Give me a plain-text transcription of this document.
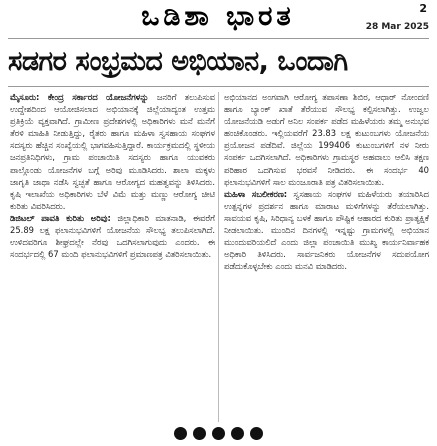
ಒಡಿಶಾ ಭಾರತ	2
28 Mar 2025
ಸಡಗರ ಸಂಭ್ರಮದ ಅಭಿಯಾನ, ಒಂದಾಗಿ

ಮೈಸೂರು: ಕೇಂದ್ರ ಸರ್ಕಾರದ ಯೋಜನೆಗಳನ್ನು ಜನರಿಗೆ ತಲುಪಿಸುವ ಉದ್ದೇಶದಿಂದ ಆಯೋಜಿಸಲಾದ ಅಭಿಯಾನಕ್ಕೆ ಜಿಲ್ಲೆಯಾದ್ಯಂತ ಉತ್ತಮ ಪ್ರತಿಕ್ರಿಯೆ ವ್ಯಕ್ತವಾಗಿದೆ. ಗ್ರಾಮೀಣ ಪ್ರದೇಶಗಳಲ್ಲಿ ಅಧಿಕಾರಿಗಳು ಮನೆ ಮನೆಗೆ ತೆರಳಿ ಮಾಹಿತಿ ನೀಡುತ್ತಿದ್ದು, ರೈತರು ಹಾಗೂ ಮಹಿಳಾ ಸ್ವಸಹಾಯ ಸಂಘಗಳ ಸದಸ್ಯರು ಹೆಚ್ಚಿನ ಸಂಖ್ಯೆಯಲ್ಲಿ ಭಾಗವಹಿಸುತ್ತಿದ್ದಾರೆ. ಕಾರ್ಯಕ್ರಮದಲ್ಲಿ ಸ್ಥಳೀಯ ಜನಪ್ರತಿನಿಧಿಗಳು, ಗ್ರಾಮ ಪಂಚಾಯಿತಿ ಸದಸ್ಯರು ಹಾಗೂ ಯುವಕರು ಪಾಲ್ಗೊಂಡು ಯೋಜನೆಗಳ ಬಗ್ಗೆ ಅರಿವು ಮೂಡಿಸಿದರು. ಶಾಲಾ ಮಕ್ಕಳು ಜಾಗೃತಿ ಜಾಥಾ ನಡೆಸಿ ಸ್ವಚ್ಛತೆ ಹಾಗೂ ಆರೋಗ್ಯದ ಮಹತ್ವವನ್ನು ತಿಳಿಸಿದರು. ಕೃಷಿ ಇಲಾಖೆಯ ಅಧಿಕಾರಿಗಳು ಬೆಳೆ ವಿಮೆ ಮತ್ತು ಮಣ್ಣು ಆರೋಗ್ಯ ಚೀಟಿ ಕುರಿತು ವಿವರಿಸಿದರು.

ಡಿಜಿಟಲ್ ಪಾವತಿ ಕುರಿತು ಅರಿವು: ಜಿಲ್ಲಾಧಿಕಾರಿ ಮಾತನಾಡಿ, ಈವರೆಗೆ 25.89 ಲಕ್ಷ ಫಲಾನುಭವಿಗಳಿಗೆ ಯೋಜನೆಯ ಸೌಲಭ್ಯ ತಲುಪಿಸಲಾಗಿದೆ. ಉಳಿದವರಿಗೂ ಶೀಘ್ರದಲ್ಲೇ ನೆರವು ಒದಗಿಸಲಾಗುವುದು ಎಂದರು. ಈ ಸಂದರ್ಭದಲ್ಲಿ 67 ಮಂದಿ ಫಲಾನುಭವಿಗಳಿಗೆ ಪ್ರಮಾಣಪತ್ರ ವಿತರಿಸಲಾಯಿತು.

ಅಭಿಯಾನದ ಅಂಗವಾಗಿ ಆರೋಗ್ಯ ತಪಾಸಣಾ ಶಿಬಿರ, ಆಧಾರ್ ನೋಂದಣಿ ಹಾಗೂ ಬ್ಯಾಂಕ್ ಖಾತೆ ತೆರೆಯುವ ಸೌಲಭ್ಯ ಕಲ್ಪಿಸಲಾಗಿತ್ತು. ಉಜ್ವಲ ಯೋಜನೆಯಡಿ ಅಡುಗೆ ಅನಿಲ ಸಂಪರ್ಕ ಪಡೆದ ಮಹಿಳೆಯರು ತಮ್ಮ ಅನುಭವ ಹಂಚಿಕೊಂಡರು. ಇಲ್ಲಿಯವರೆಗೆ 23.83 ಲಕ್ಷ ಕುಟುಂಬಗಳು ಯೋಜನೆಯ ಪ್ರಯೋಜನ ಪಡೆದಿವೆ. ಜಿಲ್ಲೆಯ 199406 ಕುಟುಂಬಗಳಿಗೆ ನಳ ನೀರು ಸಂಪರ್ಕ ಒದಗಿಸಲಾಗಿದೆ. ಅಧಿಕಾರಿಗಳು ಗ್ರಾಮಸ್ಥರ ಅಹವಾಲು ಆಲಿಸಿ ತಕ್ಷಣ ಪರಿಹಾರ ಒದಗಿಸುವ ಭರವಸೆ ನೀಡಿದರು. ಈ ಸಂದರ್ಭ 40 ಫಲಾನುಭವಿಗಳಿಗೆ ಸಾಲ ಮಂಜೂರಾತಿ ಪತ್ರ ವಿತರಿಸಲಾಯಿತು.

ಮಹಿಳಾ ಸಬಲೀಕರಣ: ಸ್ವಸಹಾಯ ಸಂಘಗಳ ಮಹಿಳೆಯರು ತಯಾರಿಸಿದ ಉತ್ಪನ್ನಗಳ ಪ್ರದರ್ಶನ ಹಾಗೂ ಮಾರಾಟ ಮಳಿಗೆಗಳನ್ನು ತೆರೆಯಲಾಗಿತ್ತು. ಸಾವಯವ ಕೃಷಿ, ಸಿರಿಧಾನ್ಯ ಬಳಕೆ ಹಾಗೂ ಪೌಷ್ಟಿಕ ಆಹಾರದ ಕುರಿತು ಪ್ರಾತ್ಯಕ್ಷಿಕೆ ನೀಡಲಾಯಿತು. ಮುಂದಿನ ದಿನಗಳಲ್ಲಿ ಇನ್ನಷ್ಟು ಗ್ರಾಮಗಳಲ್ಲಿ ಅಭಿಯಾನ ಮುಂದುವರಿಯಲಿದೆ ಎಂದು ಜಿಲ್ಲಾ ಪಂಚಾಯಿತಿ ಮುಖ್ಯ ಕಾರ್ಯನಿರ್ವಾಹಕ ಅಧಿಕಾರಿ ತಿಳಿಸಿದರು. ಸಾರ್ವಜನಿಕರು ಯೋಜನೆಗಳ ಸದುಪಯೋಗ ಪಡೆದುಕೊಳ್ಳಬೇಕು ಎಂದು ಮನವಿ ಮಾಡಿದರು.
